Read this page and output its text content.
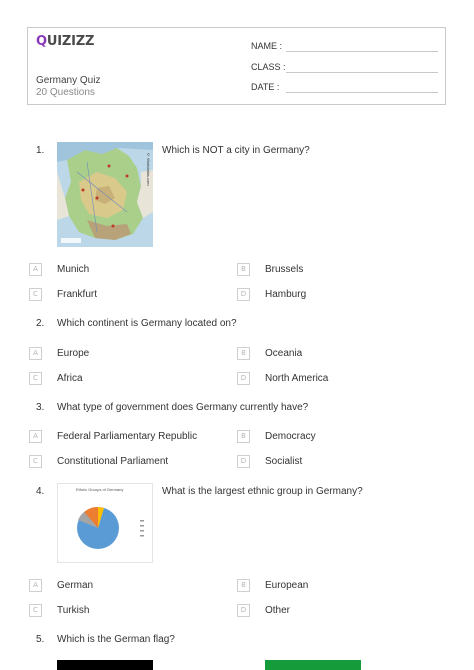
QUIZIZZ
Germany Quiz
20 Questions
NAME :
CLASS :
DATE :
1.
© Worldatlas.com
Which is NOT a city in Germany?
A	Munich	B	Brussels
C	Frankfurt	D	Hamburg
2. Which continent is Germany located on?
A	Europe	B	Oceania
C	Africa	D	North America
3. What type of government does Germany currently have?
A	Federal Parliamentary Republic	B	Democracy
C	Constitutional Parliament	D	Socialist
4.	Ethnic Groups of Germany	What is the largest ethnic group in Germany?
A	German	B	European
C	Turkish	D	Other
5. Which is the German flag?
